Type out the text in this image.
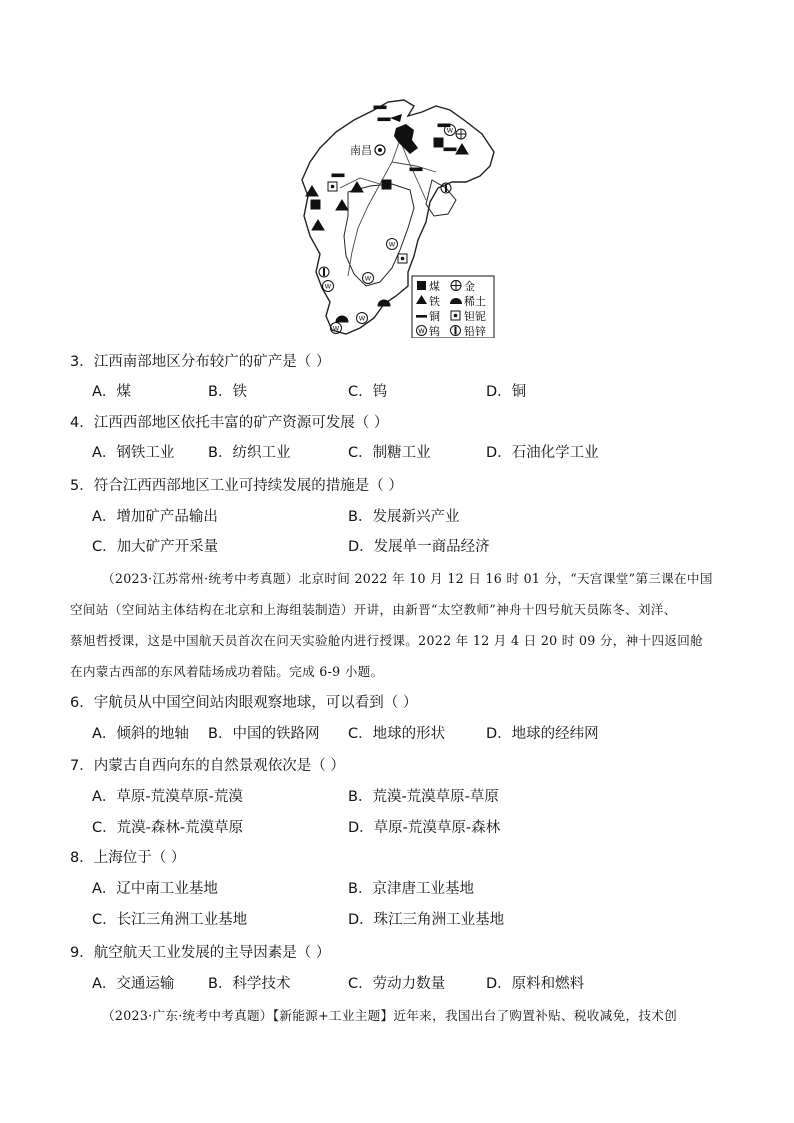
南昌
W
W
W
W
W
W
煤 金
铁 稀土
铜 钽铌
W 钨 铅锌
3．江西南部地区分布较广的矿产是（ ）
A．煤	B．铁	C．钨	D．铜
4．江西西部地区依托丰富的矿产资源可发展（ ）
A．钢铁工业 B．纺织工业	C．制糖工业	D．石油化学工业
5．符合江西西部地区工业可持续发展的措施是（ ）
A．增加矿产品输出	B．发展新兴产业
C．加大矿产开采量	D．发展单一商品经济
（2023·江苏常州·统考中考真题）北京时间 2022 年 10 月 12 日 16 时 01 分，“天宫课堂”第三课在中国
空间站（空间站主体结构在北京和上海组装制造）开讲，由新晋“太空教师”神舟十四号航天员陈冬、刘洋、
蔡旭哲授课，这是中国航天员首次在问天实验舱内进行授课。2022 年 12 月 4 日 20 时 09 分，神十四返回舱
在内蒙古西部的东风着陆场成功着陆。完成 6-9 小题。
6．宇航员从中国空间站肉眼观察地球，可以看到（ ）
A．倾斜的地轴 B．中国的铁路网 C．地球的形状	D．地球的经纬网
7．内蒙古自西向东的自然景观依次是（ ）
A．草原-荒漠草原-荒漠	B．荒漠-荒漠草原-草原
C．荒漠-森林-荒漠草原	D．草原-荒漠草原-森林
8．上海位于（ ）
A．辽中南工业基地	B．京津唐工业基地
C．长江三角洲工业基地	D．珠江三角洲工业基地
9．航空航天工业发展的主导因素是（ ）
A．交通运输 B．科学技术	C．劳动力数量	D．原料和燃料
（2023·广东·统考中考真题）【新能源+工业主题】近年来，我国出台了购置补贴、税收减免，技术创
